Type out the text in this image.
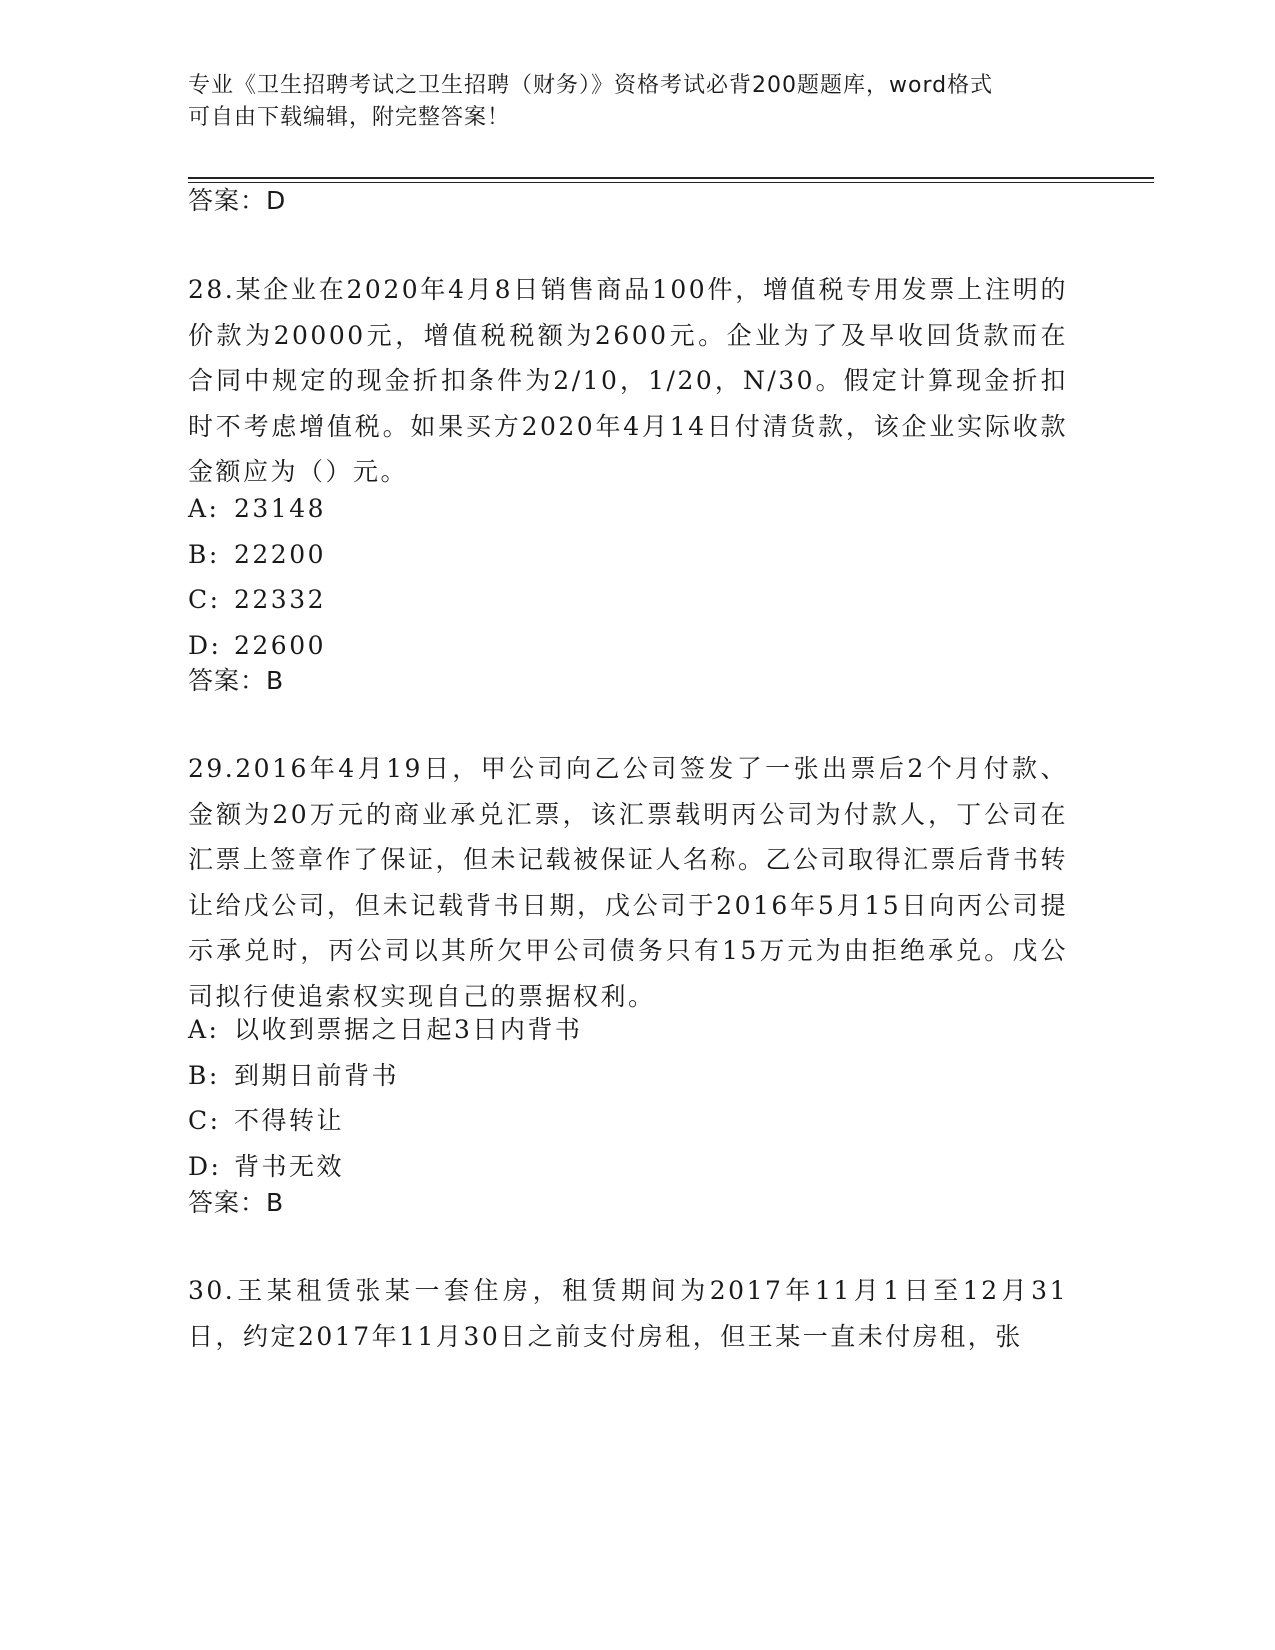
专业《卫生招聘考试之卫生招聘（财务）》资格考试必背200题题库，word格式
可自由下载编辑，附完整答案！
答案：D
28.某企业在2020年4月8日销售商品100件，增值税专用发票上注明的价款为20000元，增值税税额为2600元。企业为了及早收回货款而在合同中规定的现金折扣条件为2/10，1/20，N/30。假定计算现金折扣时不考虑增值税。如果买方2020年4月14日付清货款，该企业实际收款金额应为（）元。
A: 23148
B: 22200
C: 22332
D: 22600
答案：B
29.2016年4月19日，甲公司向乙公司签发了一张出票后2个月付款、金额为20万元的商业承兑汇票，该汇票载明丙公司为付款人，丁公司在汇票上签章作了保证，但未记载被保证人名称。乙公司取得汇票后背书转让给戊公司，但未记载背书日期，戊公司于2016年5月15日向丙公司提示承兑时，丙公司以其所欠甲公司债务只有15万元为由拒绝承兑。戊公司拟行使追索权实现自己的票据权利。
A: 以收到票据之日起3日内背书
B: 到期日前背书
C: 不得转让
D: 背书无效
答案：B
30.王某租赁张某一套住房，租赁期间为2017年11月1日至12月31日，约定2017年11月30日之前支付房租，但王某一直未付房租，张
